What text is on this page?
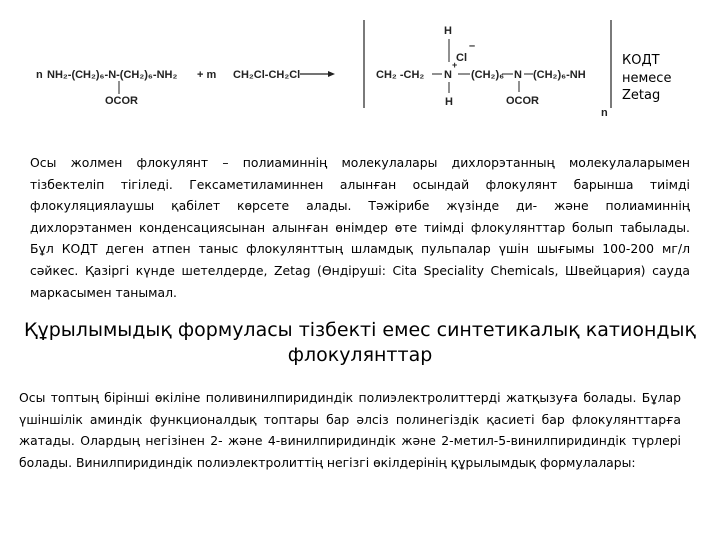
n NH₂-(CH₂)₆-N-(CH₂)₆-NH₂
OCOR
+ m CH₂Cl-CH₂Cl
H
–
Cl
+
N
H
CH₂ -CH₂	(CH₂)₆ N (CH₂)₆-NH
OCOR
n
КОДТ
немесе
Zetag

Осы жолмен флокулянт – полиаминнің молекулалары дихлорэтанның молекулаларымен тізбектеліп тігіледі. Гексаметиламиннен алынған осындай флокулянт барынша тиімді флокуляциялаушы қабілет көрсете алады. Тәжірибе жүзінде ди- және полиаминнің дихлорэтанмен конденсациясынан алынған өнімдер өте тиімді флокулянттар болып табылады. Бұл КОДТ деген атпен таныс флокулянттың шламдық пульпалар үшін шығымы 100-200 мг/л сәйкес. Қазіргі күнде шетелдерде, Zetag (Өндіруші: Cita Speciality Chemicals, Швейцария) сауда маркасымен танымал.

Құрылымыдық формуласы тізбекті емес синтетикалық катиондық флокулянттар

Осы топтың бірінші өкіліне поливинилпиридиндік полиэлектролиттерді жатқызуға болады. Бұлар үшіншілік аминдік функционалдық топтары бар әлсіз полинегіздік қасиеті бар флокулянттарға жатады. Олардың негізінен 2- және 4-винилпиридиндік және 2-метил-5-винилпиридиндік түрлері болады. Винилпиридиндік полиэлектролиттің негізгі өкілдерінің құрылымдық формулалары:
